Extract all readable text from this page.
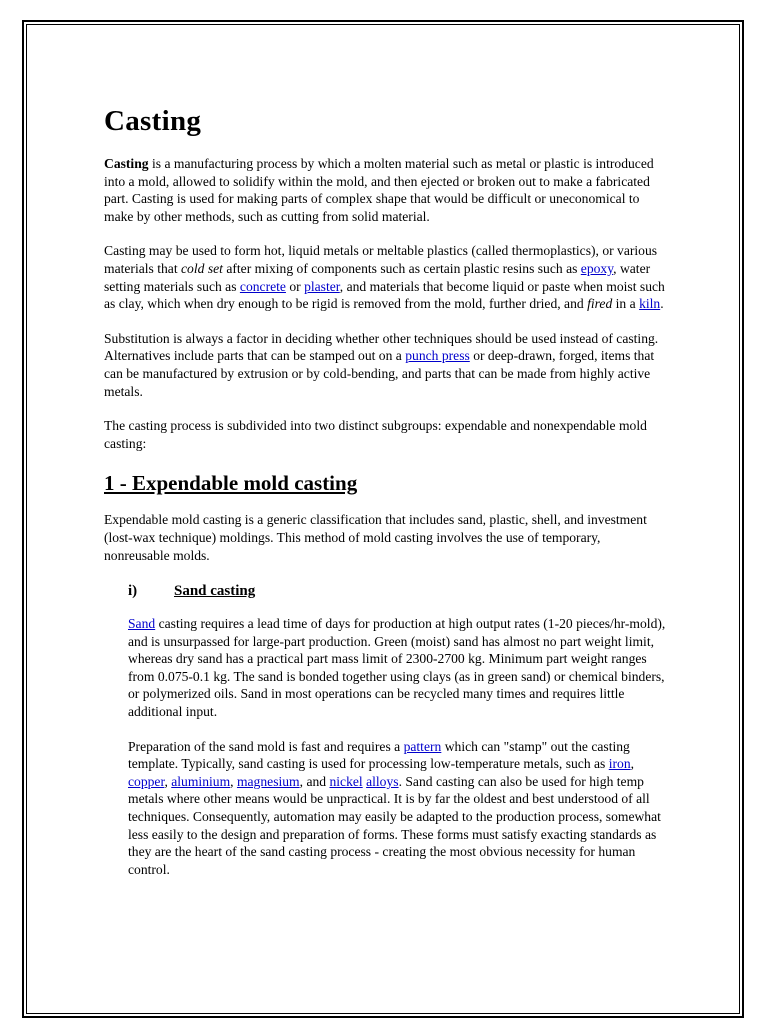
Casting

Casting is a manufacturing process by which a molten material such as metal or plastic is introduced into a mold, allowed to solidify within the mold, and then ejected or broken out to make a fabricated part. Casting is used for making parts of complex shape that would be difficult or uneconomical to make by other methods, such as cutting from solid material.

Casting may be used to form hot, liquid metals or meltable plastics (called thermoplastics), or various materials that cold set after mixing of components such as certain plastic resins such as epoxy, water setting materials such as concrete or plaster, and materials that become liquid or paste when moist such as clay, which when dry enough to be rigid is removed from the mold, further dried, and fired in a kiln.

Substitution is always a factor in deciding whether other techniques should be used instead of casting. Alternatives include parts that can be stamped out on a punch press or deep-drawn, forged, items that can be manufactured by extrusion or by cold-bending, and parts that can be made from highly active metals.

The casting process is subdivided into two distinct subgroups: expendable and nonexpendable mold casting:

1 - Expendable mold casting

Expendable mold casting is a generic classification that includes sand, plastic, shell, and investment (lost-wax technique) moldings. This method of mold casting involves the use of temporary, nonreusable molds.

i)	Sand casting

Sand casting requires a lead time of days for production at high output rates (1-20 pieces/hr-mold), and is unsurpassed for large-part production. Green (moist) sand has almost no part weight limit, whereas dry sand has a practical part mass limit of 2300-2700 kg. Minimum part weight ranges from 0.075-0.1 kg. The sand is bonded together using clays (as in green sand) or chemical binders, or polymerized oils. Sand in most operations can be recycled many times and requires little additional input.

Preparation of the sand mold is fast and requires a pattern which can "stamp" out the casting template. Typically, sand casting is used for processing low-temperature metals, such as iron, copper, aluminium, magnesium, and nickel alloys. Sand casting can also be used for high temp metals where other means would be unpractical. It is by far the oldest and best understood of all techniques. Consequently, automation may easily be adapted to the production process, somewhat less easily to the design and preparation of forms. These forms must satisfy exacting standards as they are the heart of the sand casting process - creating the most obvious necessity for human control.
